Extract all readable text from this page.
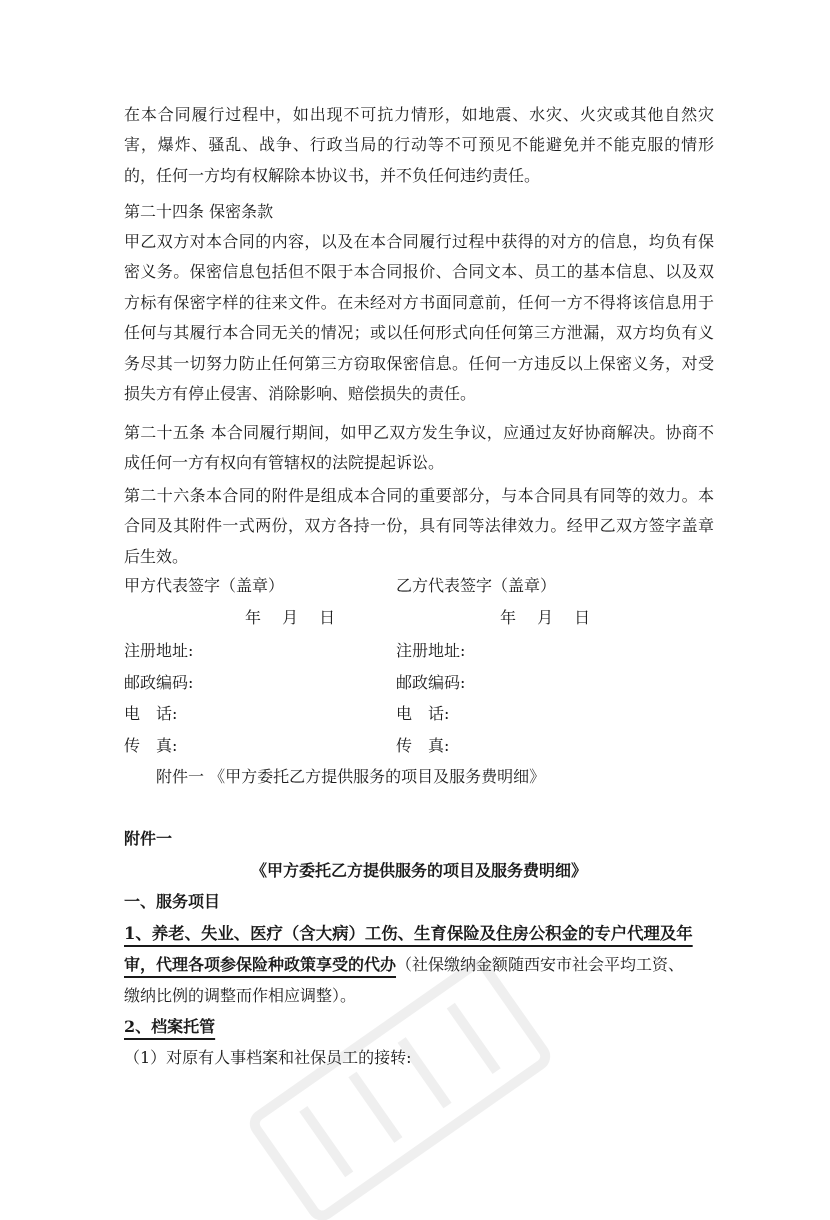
在本合同履行过程中，如出现不可抗力情形，如地震、水灾、火灾或其他自然灾害，爆炸、骚乱、战争、行政当局的行动等不可预见不能避免并不能克服的情形的，任何一方均有权解除本协议书，并不负任何违约责任。

第二十四条 保密条款

甲乙双方对本合同的内容，以及在本合同履行过程中获得的对方的信息，均负有保密义务。保密信息包括但不限于本合同报价、合同文本、员工的基本信息、以及双方标有保密字样的往来文件。在未经对方书面同意前，任何一方不得将该信息用于任何与其履行本合同无关的情况；或以任何形式向任何第三方泄漏，双方均负有义务尽其一切努力防止任何第三方窃取保密信息。任何一方违反以上保密义务，对受损失方有停止侵害、消除影响、赔偿损失的责任。

第二十五条 本合同履行期间，如甲乙双方发生争议，应通过友好协商解决。协商不成任何一方有权向有管辖权的法院提起诉讼。

第二十六条本合同的附件是组成本合同的重要部分，与本合同具有同等的效力。本合同及其附件一式两份，双方各持一份，具有同等法律效力。经甲乙双方签字盖章后生效。

甲方代表签字（盖章）	乙方代表签字（盖章）
年　 月　 日	年　 月　 日
注册地址:	注册地址:
邮政编码:	邮政编码:
电　话:	电　话:
传　真:	传　真:
附件一 《甲方委托乙方提供服务的项目及服务费明细》
附件一
《甲方委托乙方提供服务的项目及服务费明细》
一、服务项目
1、养老、失业、医疗（含大病）工伤、生育保险及住房公积金的专户代理及年
审，代理各项参保险种政策享受的代办（社保缴纳金额随西安市社会平均工资、
缴纳比例的调整而作相应调整）。
2、档案托管
（1）对原有人事档案和社保员工的接转:
